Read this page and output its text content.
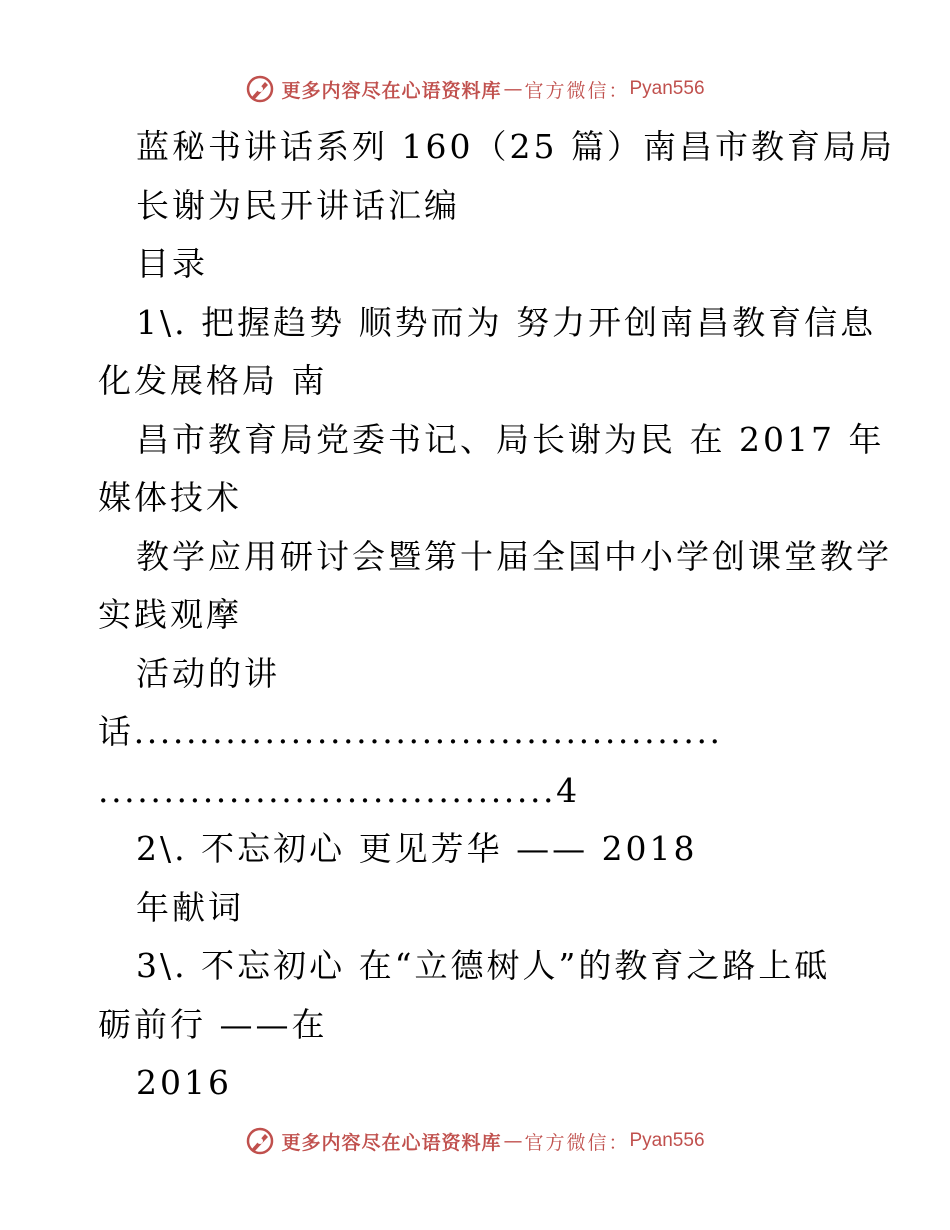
更多内容尽在心语资料库 — 官方微信： Pyan556
蓝秘书讲话系列 160（25 篇）南昌市教育局局
长谢为民开讲话汇编
目录
1\. 把握趋势 顺势而为 努力开创南昌教育信息
化发展格局 南
昌市教育局党委书记、局长谢为民 在 2017 年
媒体技术
教学应用研讨会暨第十届全国中小学创课堂教学
实践观摩
活动的讲
话.............................................
...................................4
2\. 不忘初心 更见芳华 —— 2018
年献词
3\. 不忘初心 在“立德树人”的教育之路上砥
砺前行 ——在
2016
更多内容尽在心语资料库 — 官方微信： Pyan556
